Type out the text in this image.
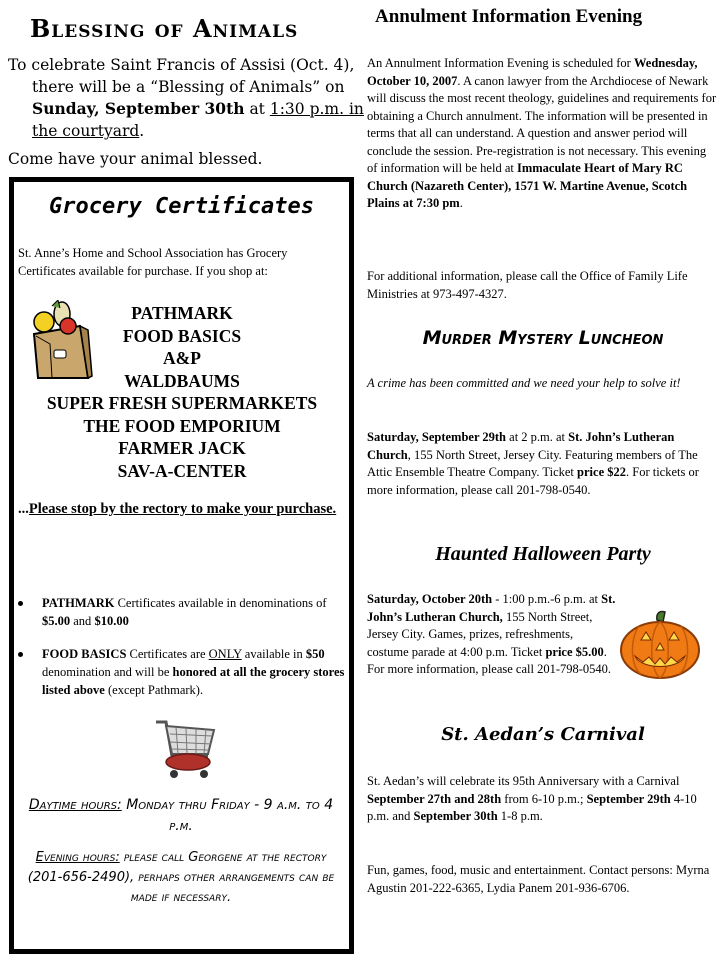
Blessing of Animals

To celebrate Saint Francis of Assisi (Oct. 4), there will be a “Blessing of Animals” on Sunday, September 30th at 1:30 p.m. in the courtyard.

Come have your animal blessed.

Grocery Certificates

St. Anne’s Home and School Association has Grocery Certificates available for purchase. If you shop at:

PATHMARK
FOOD BASICS
A&P
WALDBAUMS
SUPER FRESH SUPERMARKETS
THE FOOD EMPORIUM
FARMER JACK
SAV-A-CENTER

...Please stop by the rectory to make your purchase.

PATHMARK Certificates available in denominations of $5.00 and $10.00
FOOD BASICS Certificates are ONLY available in $50 denomination and will be honored at all the grocery stores listed above (except Pathmark).

Daytime hours: Monday thru Friday - 9 a.m. to 4 p.m.

Evening hours: please call Georgene at the rectory (201-656-2490), perhaps other arrangements can be made if necessary.

Annulment Information Evening

An Annulment Information Evening is scheduled for Wednesday, October 10, 2007. A canon lawyer from the Archdiocese of Newark will discuss the most recent theology, guidelines and requirements for obtaining a Church annulment. The information will be presented in terms that all can understand. A question and answer period will conclude the session. Pre-registration is not necessary. This evening of information will be held at Immaculate Heart of Mary RC Church (Nazareth Center), 1571 W. Martine Avenue, Scotch Plains at 7:30 pm.

For additional information, please call the Office of Family Life Ministries at 973-497-4327.

Murder Mystery Luncheon

A crime has been committed and we need your help to solve it!

Saturday, September 29th at 2 p.m. at St. John’s Lutheran Church, 155 North Street, Jersey City. Featuring members of The Attic Ensemble Theatre Company. Ticket price $22. For tickets or more information, please call 201-798-0540.

Haunted Halloween Party

Saturday, October 20th - 1:00 p.m.-6 p.m. at St. John’s Lutheran Church, 155 North Street, Jersey City. Games, prizes, refreshments, costume parade at 4:00 p.m. Ticket price $5.00. For more information, please call 201-798-0540.

St. Aedan’s Carnival

St. Aedan’s will celebrate its 95th Anniversary with a Carnival September 27th and 28th from 6-10 p.m.; September 29th 4-10 p.m. and September 30th 1-8 p.m.

Fun, games, food, music and entertainment. Contact persons: Myrna Agustin 201-222-6365, Lydia Panem 201-936-6706.
